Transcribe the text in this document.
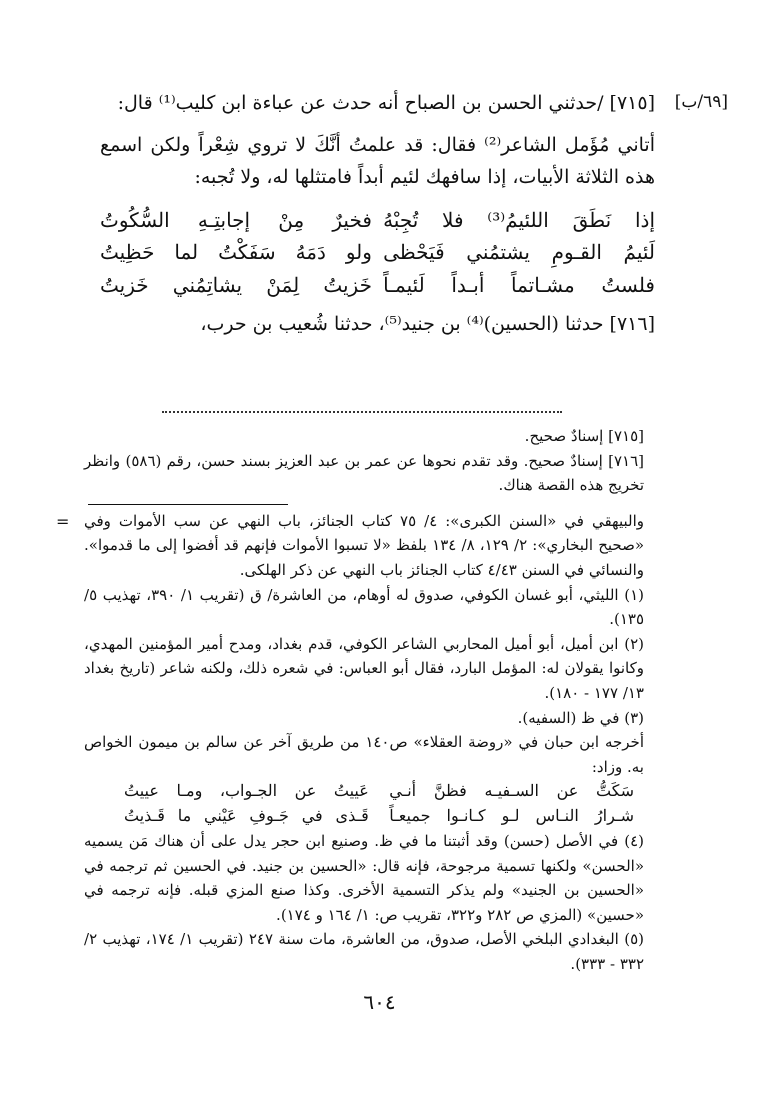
[٦٩/ب]

[٧١٥] /حدثني الحسن بن الصباح أنه حدث عن عباءة ابن كليب⁽¹⁾ قال:

أتاني مُؤَمل الشاعر⁽²⁾ فقال: قد علمتُ أنَّكَ لا تروي شِعْراً ولكن اسمع هذه الثلاثة الأبيات، إذا سافهك لئيم أبداً فامتثلها له، ولا تُجبه:

إذا نَطَقَ اللئيمُ⁽³⁾ فلا تُجِبْهُ
فخيرٌ مِنْ إجابتِـهِ السُّكُوتُ
لَئيمُ القـومِ يشتمُني فَيَحْظى
ولو دَمَهُ سَفَكْتُ لما حَظِيتُ
فلستُ مشـاتماً أبـداً لَئيمـاً
خَزيتُ لِمَنْ يشاتِمُني خَزيتُ

[٧١٦] حدثنا (الحسين)⁽⁴⁾ بن جنيد⁽⁵⁾، حدثنا شُعيب بن حرب،

[٧١٥] إسنادٌ صحيح.

[٧١٦] إسنادٌ صحيح. وقد تقدم نحوها عن عمر بن عبد العزيز بسند حسن، رقم (٥٨٦) وانظر تخريج هذه القصة هناك.

= والبيهقي في «السنن الكبرى»: ٤/ ٧٥ كتاب الجنائز، باب النهي عن سب الأموات وفي «صحيح البخاري»: ٢/ ١٢٩، ٨/ ١٣٤ بلفظ «لا تسبوا الأموات فإنهم قد أفضوا إلى ما قدموا». والنسائي في السنن ٤/٤٣ كتاب الجنائز باب النهي عن ذكر الهلكى.

(١) الليثي، أبو غسان الكوفي، صدوق له أوهام، من العاشرة/ ق (تقريب ١/ ٣٩٠، تهذيب ٥/ ١٣٥).

(٢) ابن أميل، أبو أميل المحاربي الشاعر الكوفي، قدم بغداد، ومدح أمير المؤمنين المهدي، وكانوا يقولان له: المؤمل البارد، فقال أبو العباس: في شعره ذلك، ولكنه شاعر (تاريخ بغداد ١٣/ ١٧٧ - ١٨٠).

(٣) في ظ (السفيه).

أخرجه ابن حبان في «روضة العقلاء» ص١٤٠ من طريق آخر عن سالم بن ميمون الخواص به. وزاد:

سَكَتُّ عن السـفيـه فظنَّ أنـي
عَييتُ عن الجـواب، ومـا عييتُ
شـرارُ النـاس لـو كـانـوا جميعـاً
قَـذى في جَـوفِ عَيْني ما قَـذيتُ

(٤) في الأصل (حسن) وقد أثبتنا ما في ظ. وصنيع ابن حجر يدل على أن هناك مَن يسميه «الحسن» ولكنها تسمية مرجوحة، فإنه قال: «الحسين بن جنيد. في الحسين ثم ترجمه في «الحسين بن الجنيد» ولم يذكر التسمية الأخرى. وكذا صنع المزي قبله. فإنه ترجمه في «حسين» (المزي ص ٢٨٢ و٣٢٢، تقريب ص: ١/ ١٦٤ و ١٧٤).

(٥) البغدادي البلخي الأصل، صدوق، من العاشرة، مات سنة ٢٤٧ (تقريب ١/ ١٧٤، تهذيب ٢/ ٣٣٢ - ٣٣٣).

٦٠٤
